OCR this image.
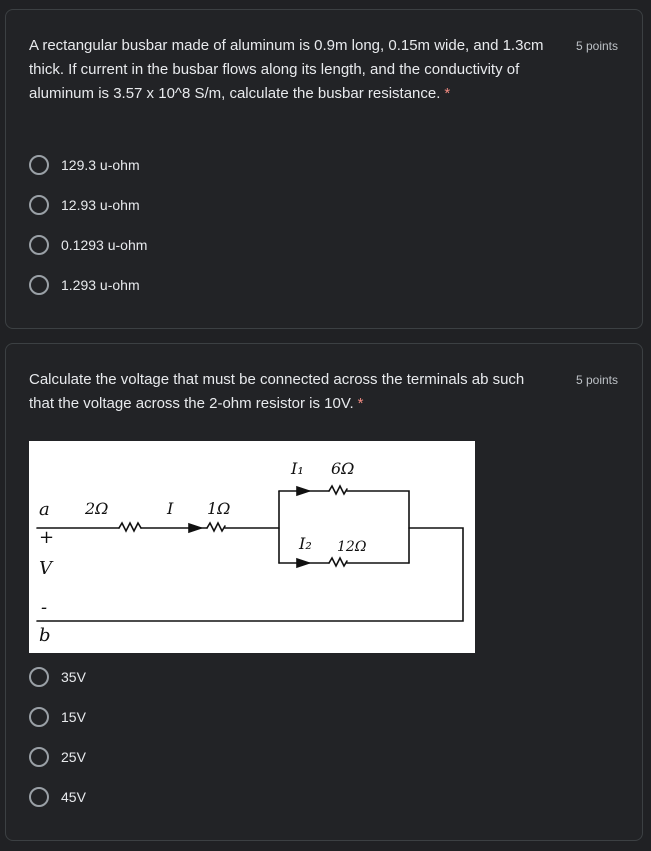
A rectangular busbar made of aluminum is 0.9m long, 0.15m wide, and 1.3cm thick. If current in the busbar flows along its length, and the conductivity of aluminum is 3.57 x 10^8 S/m, calculate the busbar resistance. *
5 points
129.3 u-ohm
12.93 u-ohm
0.1293 u-ohm
1.293 u-ohm
Calculate the voltage that must be connected across the terminals ab such that the voltage across the 2-ohm resistor is 10V. *
5 points
a
+
V
-
b
2Ω	I 1Ω
I₁ 6Ω
I₂ 12Ω
35V
15V
25V
45V
